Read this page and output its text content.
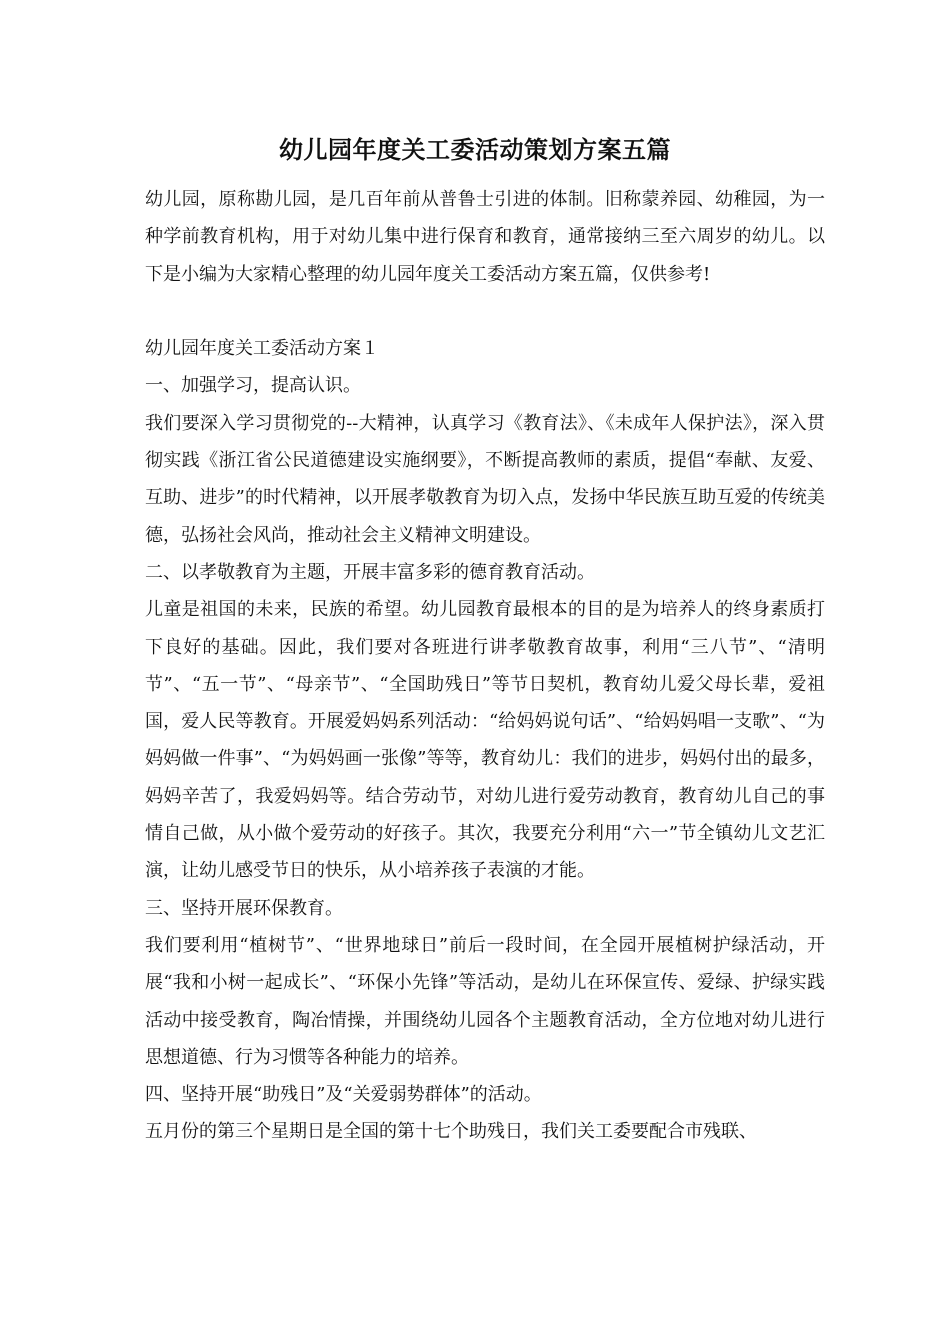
幼儿园年度关工委活动策划方案五篇

幼儿园，原称勘儿园，是几百年前从普鲁士引进的体制。旧称蒙养园、幼稚园，为一种学前教育机构，用于对幼儿集中进行保育和教育，通常接纳三至六周岁的幼儿。以下是小编为大家精心整理的幼儿园年度关工委活动方案五篇，仅供参考!

幼儿园年度关工委活动方案１

一、加强学习，提高认识。

我们要深入学习贯彻党的--大精神，认真学习《教育法》、《未成年人保护法》，深入贯彻实践《浙江省公民道德建设实施纲要》，不断提高教师的素质，提倡“奉献、友爱、互助、进步”的时代精神，以开展孝敬教育为切入点，发扬中华民族互助互爱的传统美德，弘扬社会风尚，推动社会主义精神文明建设。

二、以孝敬教育为主题，开展丰富多彩的德育教育活动。

儿童是祖国的未来，民族的希望。幼儿园教育最根本的目的是为培养人的终身素质打下良好的基础。因此，我们要对各班进行讲孝敬教育故事，利用“三八节”、“清明节”、“五一节”、“母亲节”、“全国助残日”等节日契机，教育幼儿爱父母长辈，爱祖国，爱人民等教育。开展爱妈妈系列活动：“给妈妈说句话”、“给妈妈唱一支歌”、“为妈妈做一件事”、“为妈妈画一张像”等等，教育幼儿：我们的进步，妈妈付出的最多，妈妈辛苦了，我爱妈妈等。结合劳动节，对幼儿进行爱劳动教育，教育幼儿自己的事情自己做，从小做个爱劳动的好孩子。其次，我要充分利用“六一”节全镇幼儿文艺汇演，让幼儿感受节日的快乐，从小培养孩子表演的才能。

三、坚持开展环保教育。

我们要利用“植树节”、“世界地球日”前后一段时间，在全园开展植树护绿活动，开展“我和小树一起成长”、“环保小先锋”等活动，是幼儿在环保宣传、爱绿、护绿实践活动中接受教育，陶冶情操，并围绕幼儿园各个主题教育活动，全方位地对幼儿进行思想道德、行为习惯等各种能力的培养。

四、坚持开展“助残日”及“关爱弱势群体”的活动。

五月份的第三个星期日是全国的第十七个助残日，我们关工委要配合市残联、
